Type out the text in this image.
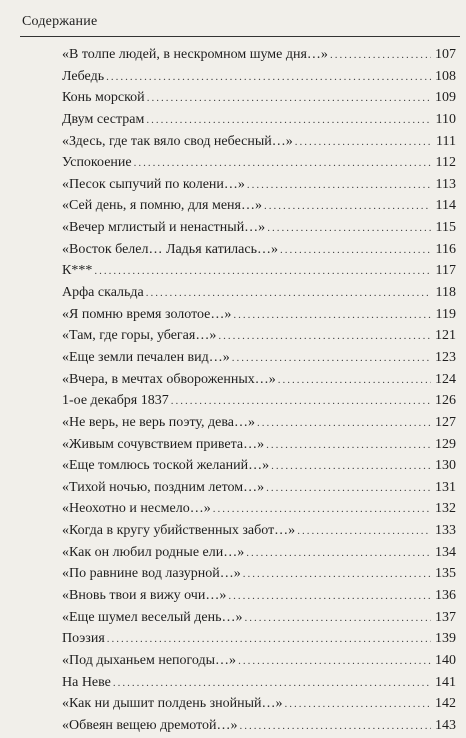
Содержание
«В толпе людей, в нескромном шуме дня…» .....	107
Лебедь .....	108
Конь морской .....	109
Двум сестрам .....	110
«Здесь, где так вяло свод небесный…» .....	111
Успокоение .....	112
«Песок сыпучий по колени…» .....	113
«Сей день, я помню, для меня…» .....	114
«Вечер мглистый и ненастный…» .....	115
«Восток белел… Ладья катилась…» .....	116
К*** .....	117
Арфа скальда .....	118
«Я помню время золотое…» .....	119
«Там, где горы, убегая…» .....	121
«Еще земли печален вид…» .....	123
«Вчера, в мечтах обвороженных…» .....	124
1-ое декабря 1837 .....	126
«Не верь, не верь поэту, дева…» .....	127
«Живым сочувствием привета…» .....	129
«Еще томлюсь тоской желаний…» .....	130
«Тихой ночью, поздним летом…» .....	131
«Неохотно и несмело…» .....	132
«Когда в кругу убийственных забот…» .....	133
«Как он любил родные ели…» .....	134
«По равнине вод лазурной…» .....	135
«Вновь твои я вижу очи…» .....	136
«Еще шумел веселый день…» .....	137
Поэзия .....	139
«Под дыханьем непогоды…» .....	140
На Неве .....	141
«Как ни дышит полдень знойный…» .....	142
«Обвеян вещею дремотой…» .....	143
